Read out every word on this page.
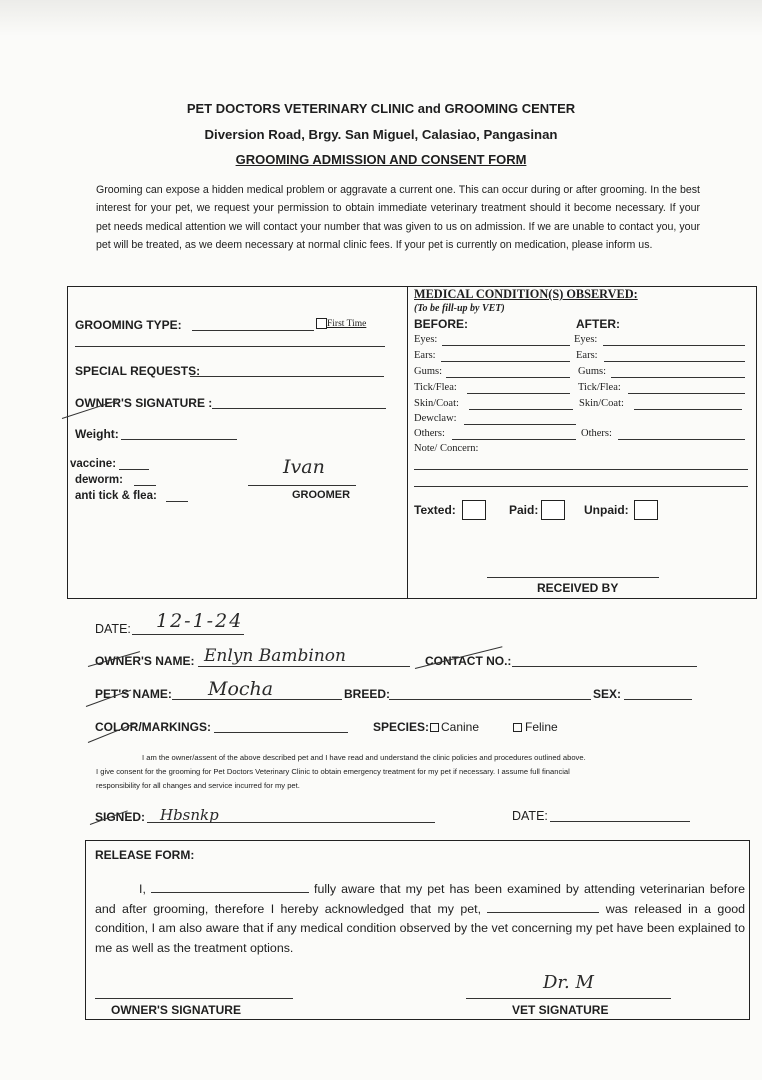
PET DOCTORS VETERINARY CLINIC and GROOMING CENTER
Diversion Road, Brgy. San Miguel, Calasiao, Pangasinan
GROOMING ADMISSION AND CONSENT FORM
Grooming can expose a hidden medical problem or aggravate a current one. This can occur during or after grooming. In the best interest for your pet, we request your permission to obtain immediate veterinary treatment should it become necessary. If your pet needs medical attention we will contact your number that was given to us on admission. If we are unable to contact you, your pet will be treated, as we deem necessary at normal clinic fees. If your pet is currently on medication, please inform us.
GROOMING TYPE:	First Time
SPECIAL REQUESTS:
OWNER'S SIGNATURE :
Weight:
vaccine:
deworm:
anti tick & flea:
Ivan
GROOMER
MEDICAL CONDITION(S) OBSERVED:
(To be fill-up by VET)
BEFORE:	AFTER:
Eyes:	Eyes:
Ears:	Ears:
Gums:	Gums:
Tick/Flea:	Tick/Flea:
Skin/Coat:	Skin/Coat:
Dewclaw:
Others:	Others:
Note/ Concern:
Texted:	Paid:	Unpaid:
RECEIVED BY
DATE: 12-1-24
OWNER'S NAME: Enlyn Bambinon	CONTACT NO.:
PET'S NAME: Mocha	BREED:	SEX:
COLOR/MARKINGS:	SPECIES: Canine	Feline
I am the owner/assent of the above described pet and I have read and understand the clinic policies and procedures outlined above.
I give consent for the grooming for Pet Doctors Veterinary Clinic to obtain emergency treatment for my pet if necessary. I assume full financial
responsibility for all changes and service incurred for my pet.
SIGNED: Hbsnkp	DATE:
RELEASE FORM:
I,	fully aware that my pet has been examined by attending veterinarian before and after grooming, therefore I hereby acknowledged that my pet,	was released in a good condition, I am also aware that if any medical condition observed by the vet concerning my pet have been explained to me as well as the treatment options.
OWNER'S SIGNATURE
Dr. M
VET SIGNATURE
